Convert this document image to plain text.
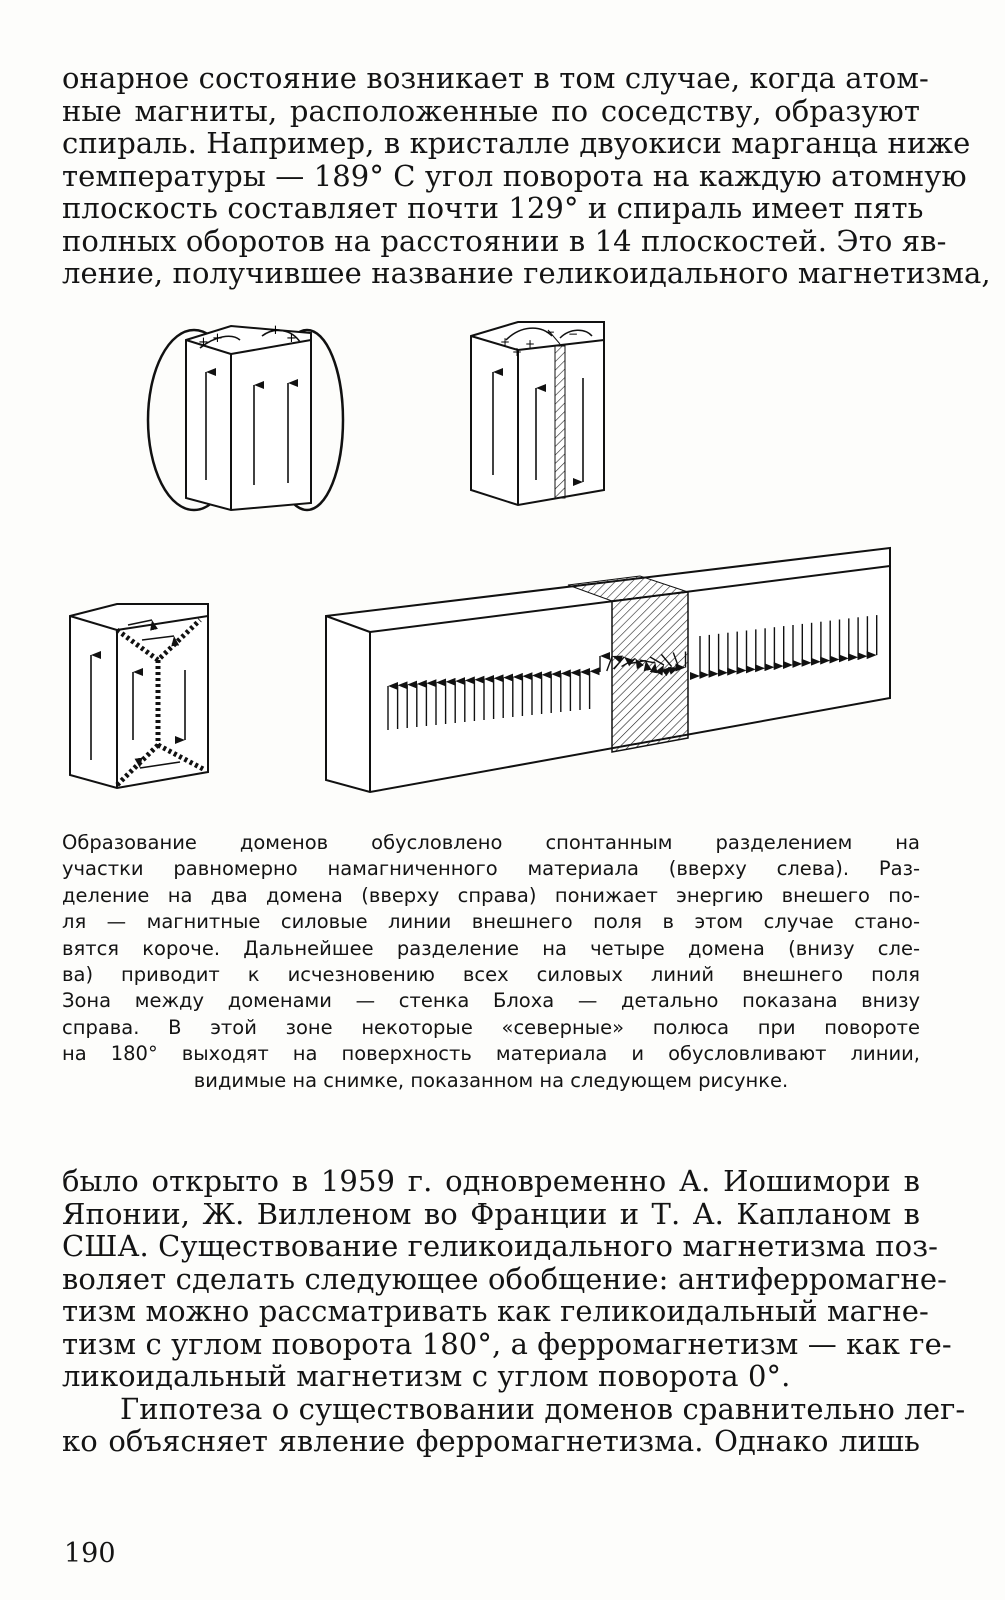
онарное состояние возникает в том случае, когда атом-
ные магниты, расположенные по соседству, образуют
спираль. Например, в кристалле двуокиси марганца ниже
температуры — 189° С угол поворота на каждую атомную
плоскость составляет почти 129° и спираль имеет пять
полных оборотов на расстоянии в 14 плоскостей. Это яв-
ление, получившее название геликоидального магнетизма,
+ +
+
+	+
+
+
− −
Образование доменов обусловлено спонтанным разделением на
участки равномерно намагниченного материала (вверху слева). Раз-
деление на два домена (вверху справа) понижает энергию внешего по-
ля — магнитные силовые линии внешнего поля в этом случае стано-
вятся короче. Дальнейшее разделение на четыре домена (внизу сле-
ва) приводит к исчезновению всех силовых линий внешнего поля
Зона между доменами — стенка Блоха — детально показана внизу
справа. В этой зоне некоторые «северные» полюса при повороте
на 180° выходят на поверхность материала и обусловливают линии,
видимые на снимке, показанном на следующем рисунке.
было открыто в 1959 г. одновременно А. Иошимори в
Японии, Ж. Вилленом во Франции и Т. А. Капланом в
США. Существование геликоидального магнетизма поз-
воляет сделать следующее обобщение: антиферромагне-
тизм можно рассматривать как геликоидальный магне-
тизм с углом поворота 180°, а ферромагнетизм — как ге-
ликоидальный магнетизм с углом поворота 0°.
Гипотеза о существовании доменов сравнительно лег-
ко объясняет явление ферромагнетизма. Однако лишь
190
